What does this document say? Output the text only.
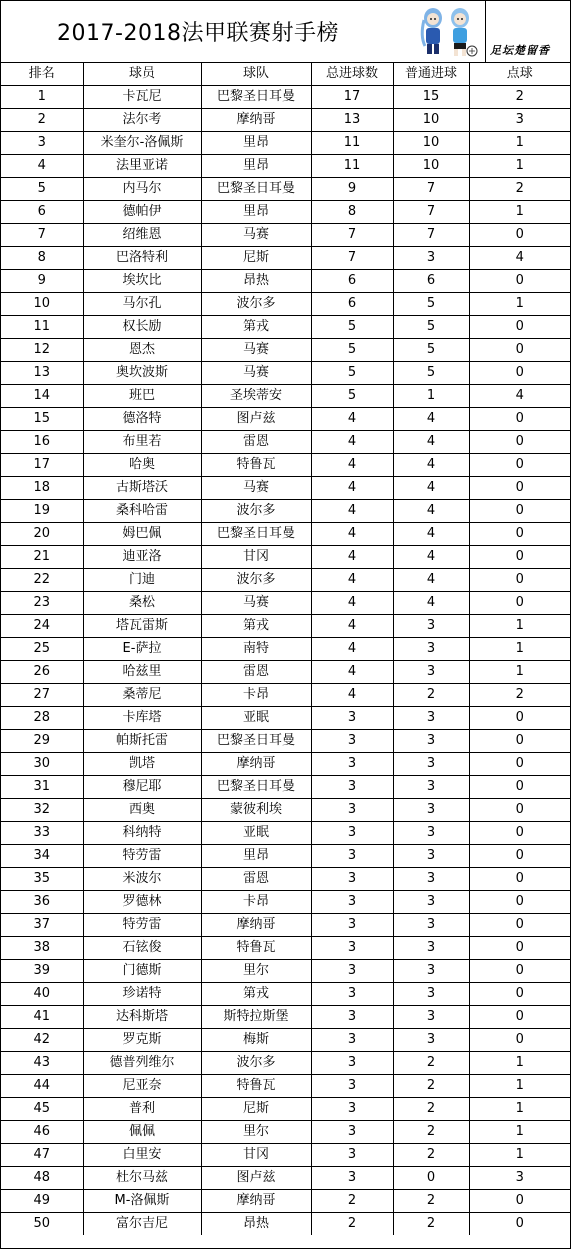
2017-2018法甲联赛射手榜
足坛楚留香
排名	球员	球队	总进球数	普通进球	点球
1	卡瓦尼	巴黎圣日耳曼	17	15	2
2	法尔考	摩纳哥	13	10	3
3	米奎尔-洛佩斯	里昂	11	10	1
4	法里亚诺	里昂	11	10	1
5	内马尔	巴黎圣日耳曼	9	7	2
6	德帕伊	里昂	8	7	1
7	绍维恩	马赛	7	7	0
8	巴洛特利	尼斯	7	3	4
9	埃坎比	昂热	6	6	0
10	马尔孔	波尔多	6	5	1
11	权长励	第戎	5	5	0
12	恩杰	马赛	5	5	0
13	奥坎波斯	马赛	5	5	0
14	班巴	圣埃蒂安	5	1	4
15	德洛特	图卢兹	4	4	0
16	布里若	雷恩	4	4	0
17	哈奥	特鲁瓦	4	4	0
18	古斯塔沃	马赛	4	4	0
19	桑科哈雷	波尔多	4	4	0
20	姆巴佩	巴黎圣日耳曼	4	4	0
21	迪亚洛	甘冈	4	4	0
22	门迪	波尔多	4	4	0
23	桑松	马赛	4	4	0
24	塔瓦雷斯	第戎	4	3	1
25	E-萨拉	南特	4	3	1
26	哈兹里	雷恩	4	3	1
27	桑蒂尼	卡昂	4	2	2
28	卡库塔	亚眠	3	3	0
29	帕斯托雷	巴黎圣日耳曼	3	3	0
30	凯塔	摩纳哥	3	3	0
31	穆尼耶	巴黎圣日耳曼	3	3	0
32	西奥	蒙彼利埃	3	3	0
33	科纳特	亚眠	3	3	0
34	特劳雷	里昂	3	3	0
35	米波尔	雷恩	3	3	0
36	罗德林	卡昂	3	3	0
37	特劳雷	摩纳哥	3	3	0
38	石铉俊	特鲁瓦	3	3	0
39	门德斯	里尔	3	3	0
40	珍诺特	第戎	3	3	0
41	达科斯塔	斯特拉斯堡	3	3	0
42	罗克斯	梅斯	3	3	0
43	德普列维尔	波尔多	3	2	1
44	尼亚奈	特鲁瓦	3	2	1
45	普利	尼斯	3	2	1
46	佩佩	里尔	3	2	1
47	白里安	甘冈	3	2	1
48	杜尔马兹	图卢兹	3	0	3
49	M-洛佩斯	摩纳哥	2	2	0
50	富尔吉尼	昂热	2	2	0
